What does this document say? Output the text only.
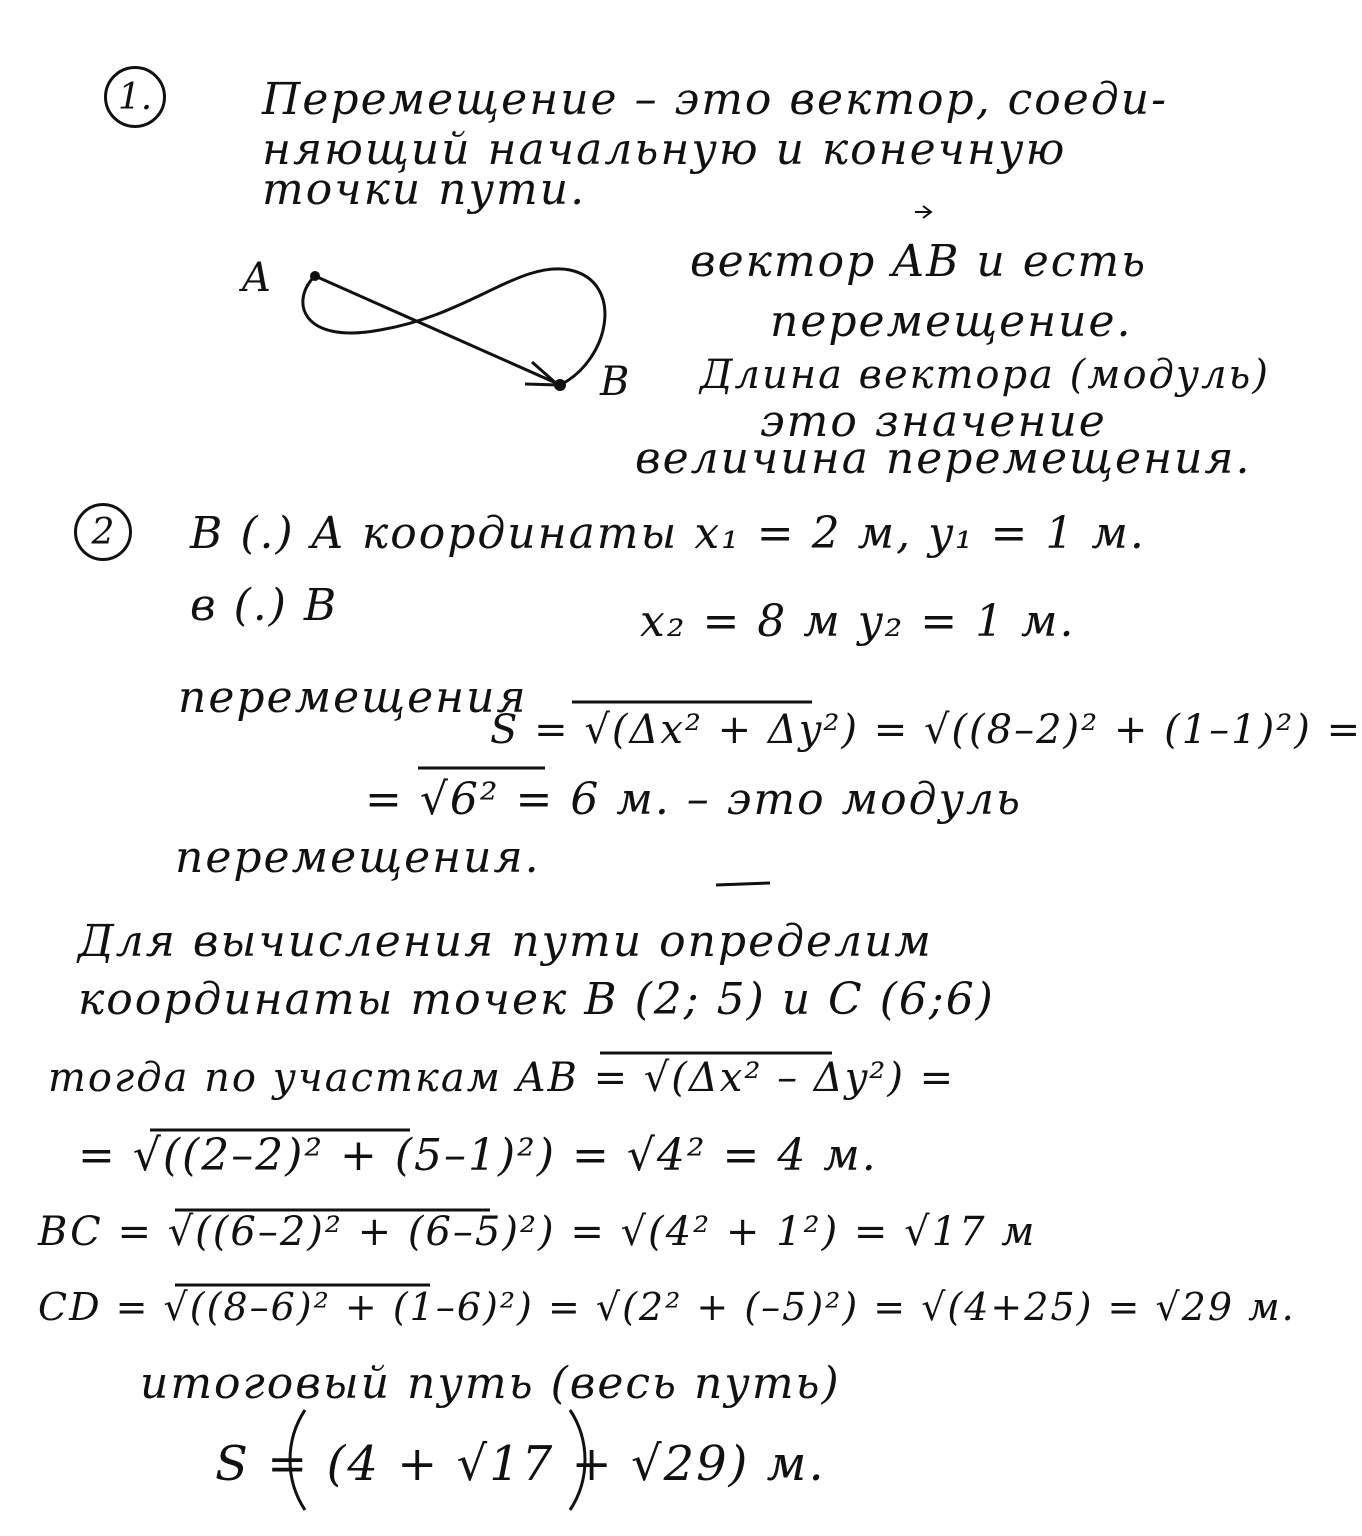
1. Перемещение – это вектор, соеди-
няющий начальную и конечную
точки пути.
A
B
вектор AB и есть
перемещение.
Длина вектора (модуль)
это значение
величина перемещения.
2 В (.) А координаты x₁ = 2 м, y₁ = 1 м.
в (.) В	x₂ = 8 м y₂ = 1 м.
перемещения
S = √(Δx² + Δy²) = √((8–2)² + (1–1)²) =
= √6² = 6 м. – это модуль
перемещения.
Для вычисления пути определим
координаты точек B (2; 5) и C (6;6)
тогда по участкам AB = √(Δx² – Δy²) =
= √((2–2)² + (5–1)²) = √4² = 4 м.
BC = √((6–2)² + (6–5)²) = √(4² + 1²) = √17 м
CD = √((8–6)² + (1–6)²) = √(2² + (–5)²) = √(4+25) = √29 м.
итоговый путь (весь путь)
S = (4 + √17 + √29) м.
